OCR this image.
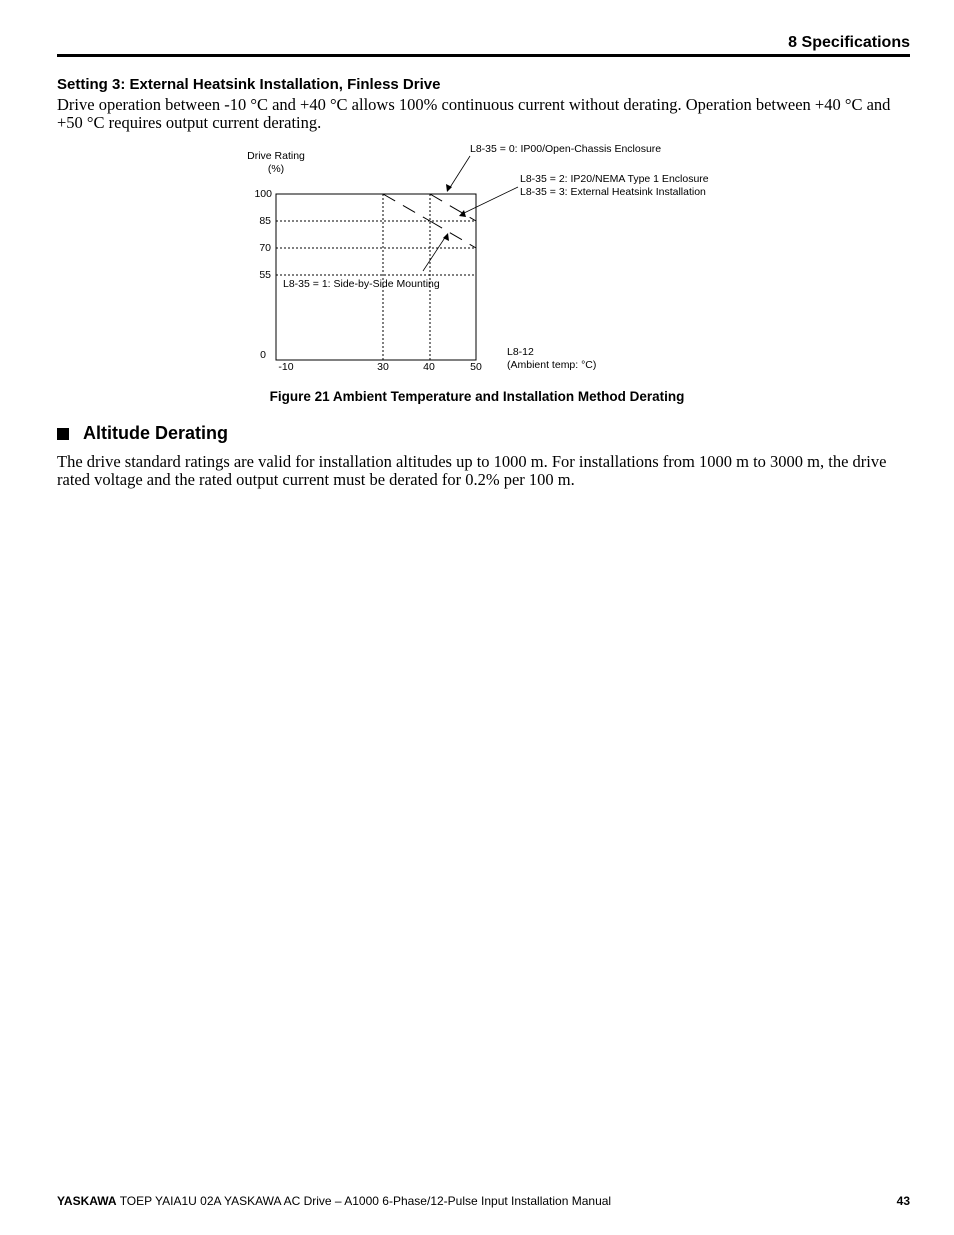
8 Specifications
Setting 3: External Heatsink Installation, Finless Drive
Drive operation between -10 °C and +40 °C allows 100% continuous current without derating. Operation between +40 °C and +50 °C requires output current derating.
Drive Rating
(%)
100
85
70
55
0
-10	30	40	50
L8-12
(Ambient temp: °C)
L8-35 = 0: IP00/Open-Chassis Enclosure
L8-35 = 2: IP20/NEMA Type 1 Enclosure
L8-35 = 3: External Heatsink Installation
L8-35 = 1: Side-by-Side Mounting
Figure 21 Ambient Temperature and Installation Method Derating
Altitude Derating
The drive standard ratings are valid for installation altitudes up to 1000 m. For installations from 1000 m to 3000 m, the drive rated voltage and the rated output current must be derated for 0.2% per 100 m.
YASKAWA TOEP YAIA1U 02A YASKAWA AC Drive – A1000 6-Phase/12-Pulse Input Installation Manual	43
